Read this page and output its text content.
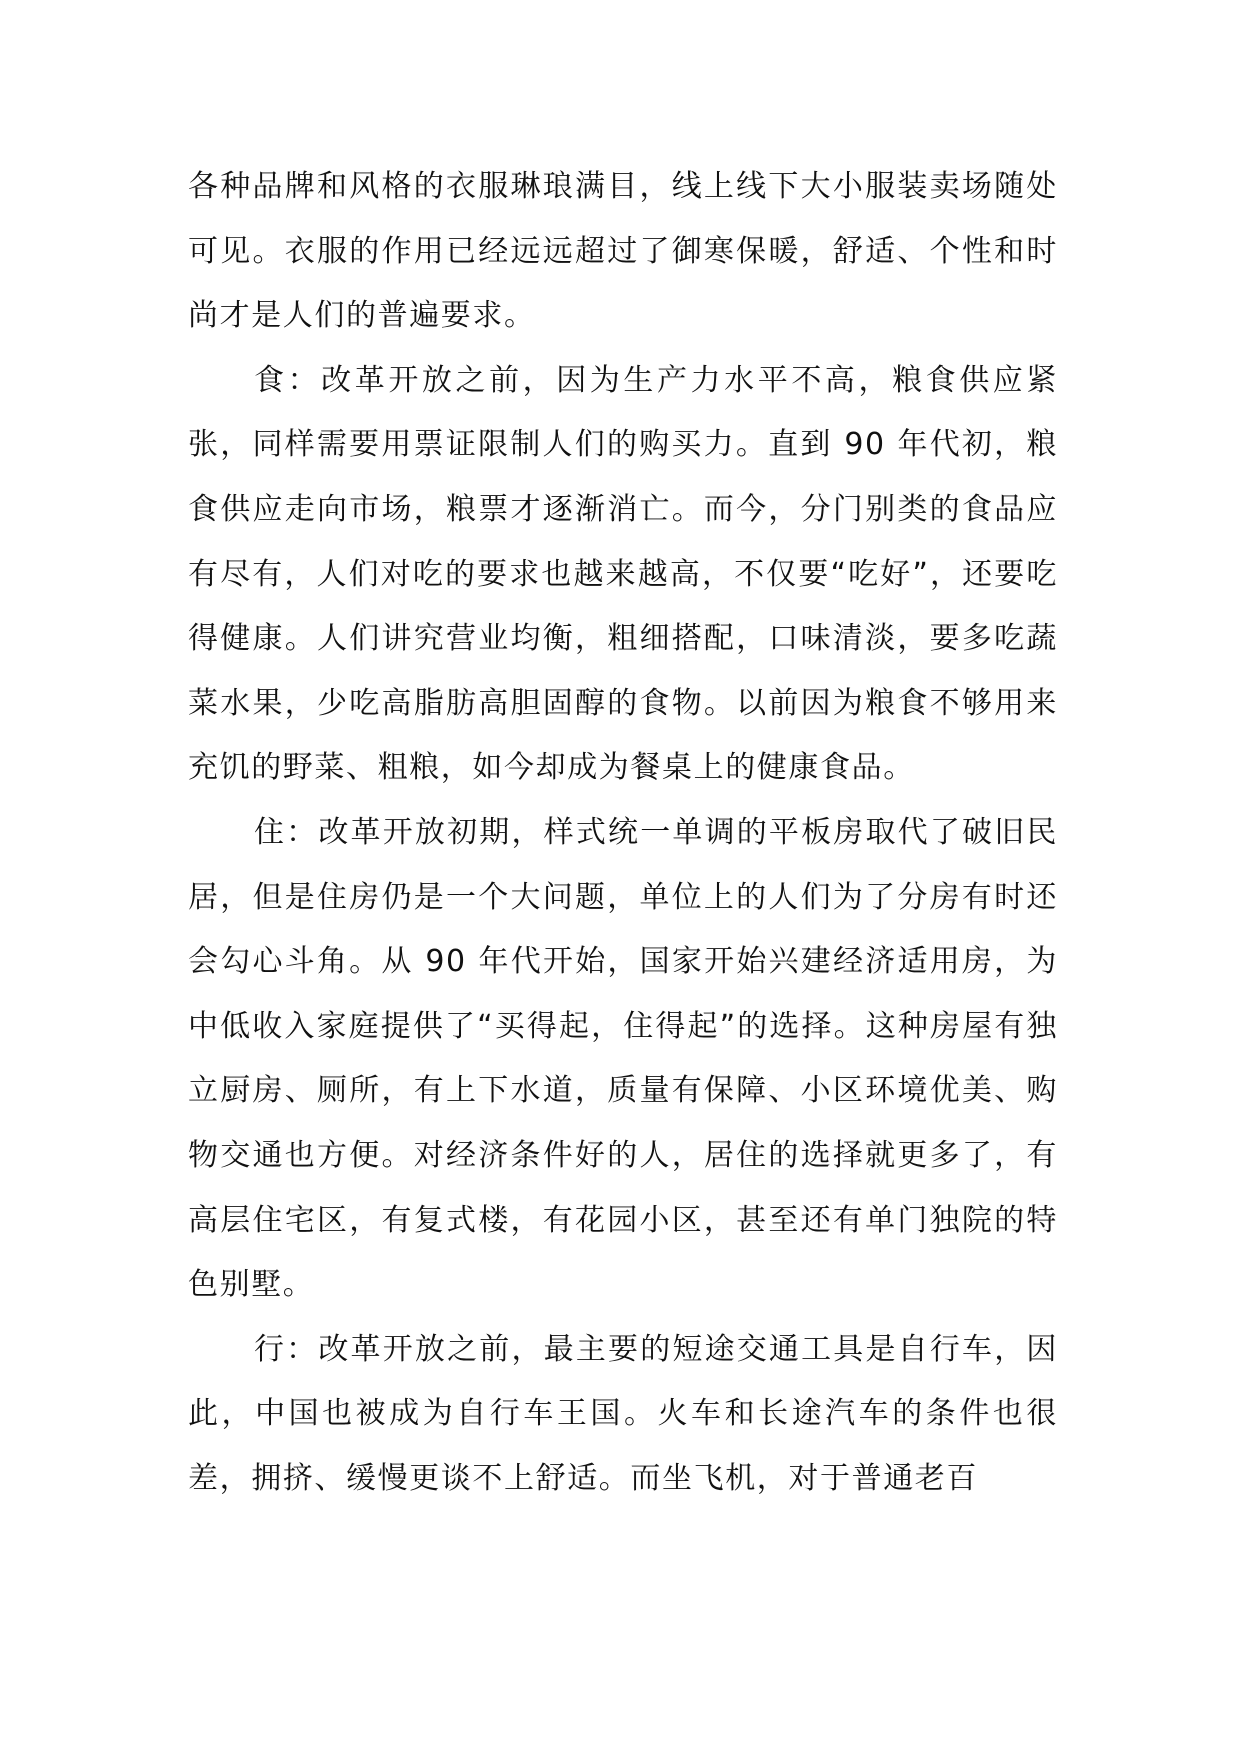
各种品牌和风格的衣服琳琅满目，线上线下大小服装卖场随处可见。衣服的作用已经远远超过了御寒保暖，舒适、个性和时尚才是人们的普遍要求。

食：改革开放之前，因为生产力水平不高，粮食供应紧张，同样需要用票证限制人们的购买力。直到 90 年代初，粮食供应走向市场，粮票才逐渐消亡。而今，分门别类的食品应有尽有，人们对吃的要求也越来越高，不仅要“吃好”，还要吃得健康。人们讲究营业均衡，粗细搭配，口味清淡，要多吃蔬菜水果，少吃高脂肪高胆固醇的食物。以前因为粮食不够用来充饥的野菜、粗粮，如今却成为餐桌上的健康食品。

住：改革开放初期，样式统一单调的平板房取代了破旧民居，但是住房仍是一个大问题，单位上的人们为了分房有时还会勾心斗角。从 90 年代开始，国家开始兴建经济适用房，为中低收入家庭提供了“买得起，住得起”的选择。这种房屋有独立厨房、厕所，有上下水道，质量有保障、小区环境优美、购物交通也方便。对经济条件好的人，居住的选择就更多了，有高层住宅区，有复式楼，有花园小区，甚至还有单门独院的特色别墅。

行：改革开放之前，最主要的短途交通工具是自行车，因此，中国也被成为自行车王国。火车和长途汽车的条件也很差，拥挤、缓慢更谈不上舒适。而坐飞机，对于普通老百
